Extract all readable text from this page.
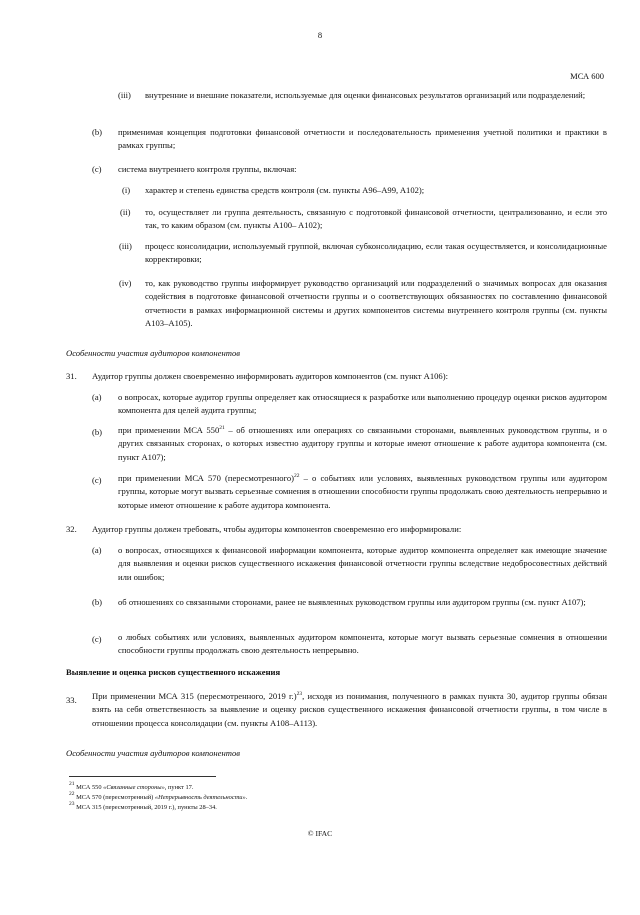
8
МСА 600
(iii) внутренние и внешние показатели, используемые для оценки финансовых результатов организаций или подразделений;
(b) применимая концепция подготовки финансовой отчетности и последовательность применения учетной политики и практики в рамках группы;
(c) система внутреннего контроля группы, включая:
(i) характер и степень единства средств контроля (см. пункты A96–A99, A102);
(ii) то, осуществляет ли группа деятельность, связанную с подготовкой финансовой отчетности, централизованно, и если это так, то каким образом (см. пункты A100– A102);
(iii) процесс консолидации, используемый группой, включая субконсолидацию, если такая осуществляется, и консолидационные корректировки;
(iv) то, как руководство группы информирует руководство организаций или подразделений о значимых вопросах для оказания содействия в подготовке финансовой отчетности группы и о соответствующих обязанностях по составлению финансовой отчетности в рамках информационной системы и других компонентов системы внутреннего контроля группы (см. пункты A103–A105).
Особенности участия аудиторов компонентов
31. Аудитор группы должен своевременно информировать аудиторов компонентов (см. пункт A106):
(a) о вопросах, которые аудитор группы определяет как относящиеся к разработке или выполнению процедур оценки рисков аудитором компонента для целей аудита группы;
(b) при применении МСА $550^{21}$ – об отношениях или операциях со связанными сторонами, выявленных руководством группы, и о других связанных сторонах, о которых известно аудитору группы и которые имеют отношение к работе аудитора компонента (см. пункт A107);
(c) при применении МСА 570 (пересмотренного)$^{22}$ – о событиях или условиях, выявленных руководством группы или аудитором группы, которые могут вызвать серьезные сомнения в отношении способности группы продолжать свою деятельность непрерывно и которые имеют отношение к работе аудитора компонента.
32. Аудитор группы должен требовать, чтобы аудиторы компонентов своевременно его информировали:
(a) о вопросах, относящихся к финансовой информации компонента, которые аудитор компонента определяет как имеющие значение для выявления и оценки рисков существенного искажения финансовой отчетности группы вследствие недобросовестных действий или ошибок;
(b) об отношениях со связанными сторонами, ранее не выявленных руководством группы или аудитором группы (см. пункт A107);
(c) о любых событиях или условиях, выявленных аудитором компонента, которые могут вызвать серьезные сомнения в отношении способности группы продолжать свою деятельность непрерывно.
Выявление и оценка рисков существенного искажения
33. При применении МСА 315 (пересмотренного, 2019 г.)$^{23}$, исходя из понимания, полученного в рамках пункта 30, аудитор группы обязан взять на себя ответственность за выявление и оценку рисков существенного искажения финансовой отчетности группы, в том числе в отношении процесса консолидации (см. пункты A108–A113).
Особенности участия аудиторов компонентов
$^{21}$ МСА 550 «Связанные стороны», пункт 17.
$^{22}$ МСА 570 (пересмотренный) «Непрерывность деятельности».
$^{23}$ МСА 315 (пересмотренный, 2019 г.), пункты 28–34.
© IFAC
